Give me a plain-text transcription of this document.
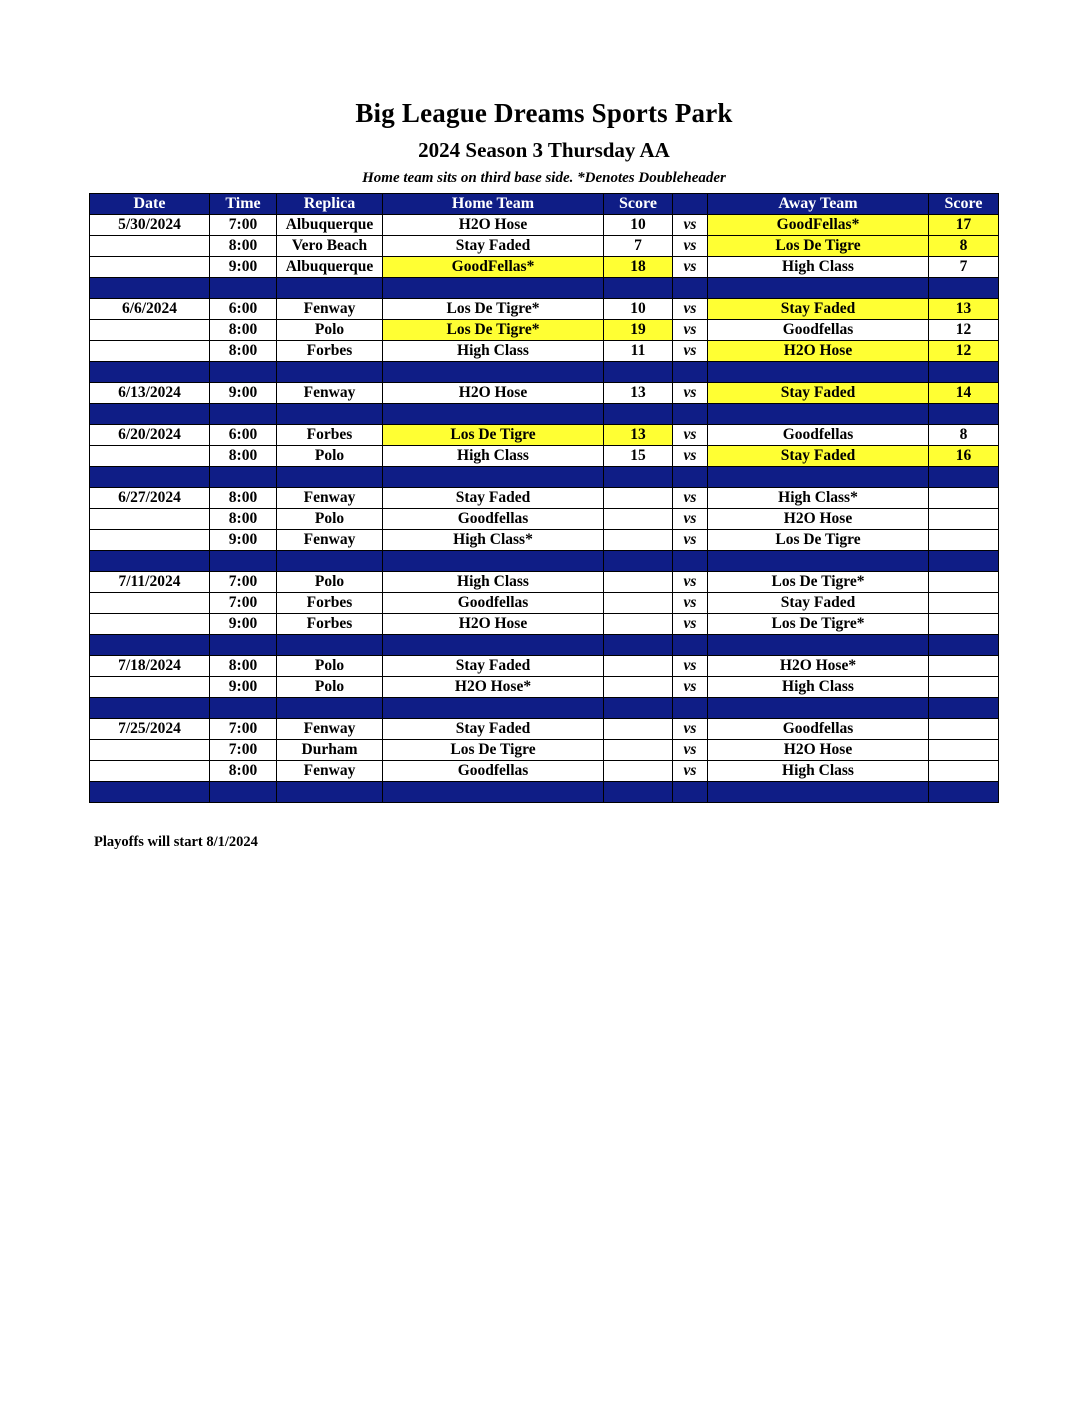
Big League Dreams Sports Park
2024 Season 3 Thursday AA
Home team sits on third base side. *Denotes Doubleheader
Date	Time	Replica	Home Team	Score		Away Team	Score
5/30/2024	7:00	Albuquerque	H2O Hose	10	vs	GoodFellas*	17
	8:00	Vero Beach	Stay Faded	7	vs	Los De Tigre	8
	9:00	Albuquerque	GoodFellas*	18	vs	High Class	7

6/6/2024	6:00	Fenway	Los De Tigre*	10	vs	Stay Faded	13
	8:00	Polo	Los De Tigre*	19	vs	Goodfellas	12
	8:00	Forbes	High Class	11	vs	H2O Hose	12

6/13/2024	9:00	Fenway	H2O Hose	13	vs	Stay Faded	14

6/20/2024	6:00	Forbes	Los De Tigre	13	vs	Goodfellas	8
	8:00	Polo	High Class	15	vs	Stay Faded	16

6/27/2024	8:00	Fenway	Stay Faded		vs	High Class*	
	8:00	Polo	Goodfellas		vs	H2O Hose	
	9:00	Fenway	High Class*		vs	Los De Tigre	

7/11/2024	7:00	Polo	High Class		vs	Los De Tigre*	
	7:00	Forbes	Goodfellas		vs	Stay Faded	
	9:00	Forbes	H2O Hose		vs	Los De Tigre*	

7/18/2024	8:00	Polo	Stay Faded		vs	H2O Hose*	
	9:00	Polo	H2O Hose*		vs	High Class	

7/25/2024	7:00	Fenway	Stay Faded		vs	Goodfellas	
	7:00	Durham	Los De Tigre		vs	H2O Hose	
	8:00	Fenway	Goodfellas		vs	High Class	

Playoffs will start 8/1/2024
